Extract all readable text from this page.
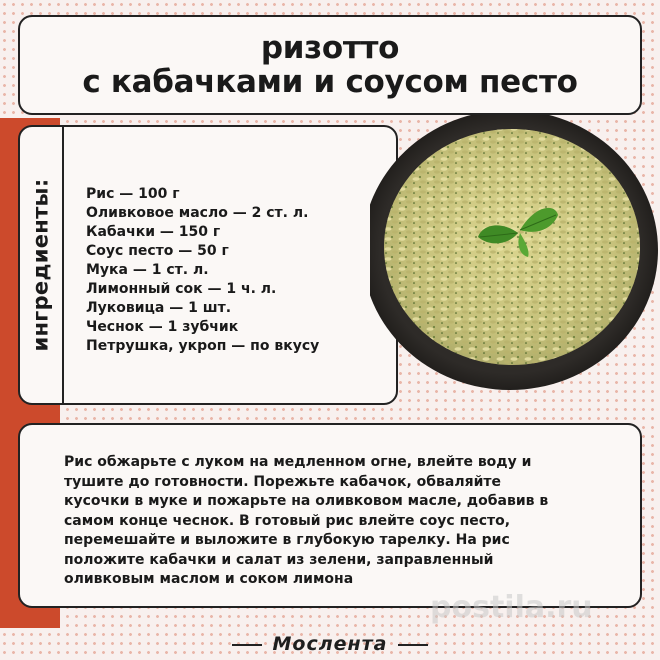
ризотто
с кабачками и соусом песто
ингредиенты: Рис — 100 г
Оливковое масло — 2 ст. л.
Кабачки — 150 г
Соус песто — 50 г
Мука — 1 ст. л.
Лимонный сок — 1 ч. л.
Луковица — 1 шт.
Чеснок — 1 зубчик
Петрушка, укроп — по вкусу

Рис обжарьте с луком на медленном огне, влейте воду и тушите до готовности. Порежьте кабачок, обваляйте кусочки в муке и пожарьте на оливковом масле, добавив в самом конце чеснок. В готовый рис влейте соус песто, перемешайте и выложите в глубокую тарелку. На рис положите кабачки и салат из зелени, заправленный оливковым маслом и соком лимона

Мослента
postila.ru
